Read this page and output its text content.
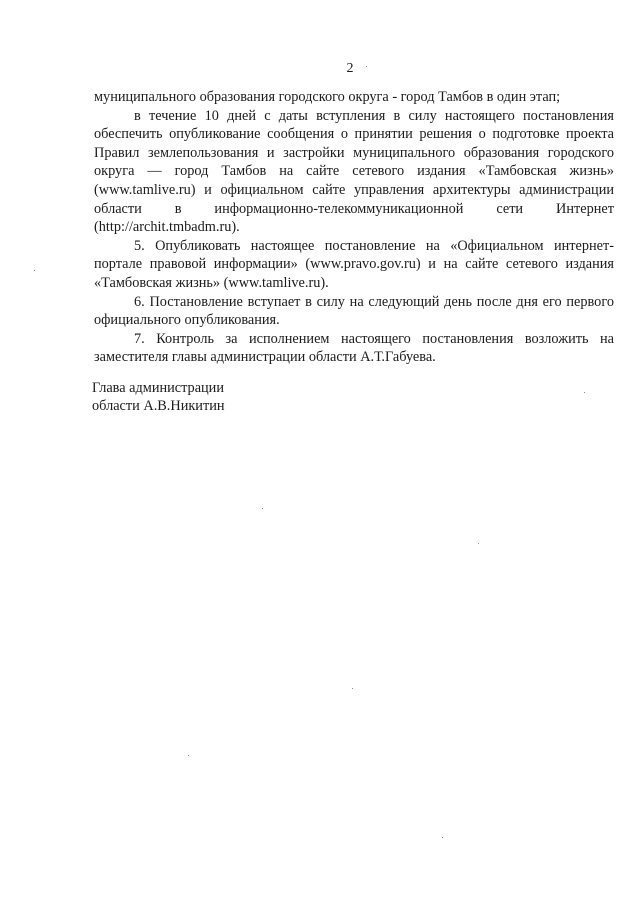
2

муниципального образования городского округа - город Тамбов в один этап;

в течение 10 дней с даты вступления в силу настоящего постановления обеспечить опубликование сообщения о принятии решения о подготовке проекта Правил землепользования и застройки муниципального образования городского округа — город Тамбов на сайте сетевого издания «Тамбовская жизнь» (www.tamlive.ru) и официальном сайте управления архитектуры администрации области в информационно-телекоммуникационной сети Интернет (http://archit.tmbadm.ru).

5. Опубликовать настоящее постановление на «Официальном интернет-портале правовой информации» (www.pravo.gov.ru) и на сайте сетевого издания «Тамбовская жизнь» (www.tamlive.ru).

6. Постановление вступает в силу на следующий день после дня его первого официального опубликования.

7. Контроль за исполнением настоящего постановления возложить на заместителя главы администрации области А.Т.Габуева.

Глава администрации
области А.В.Никитин
